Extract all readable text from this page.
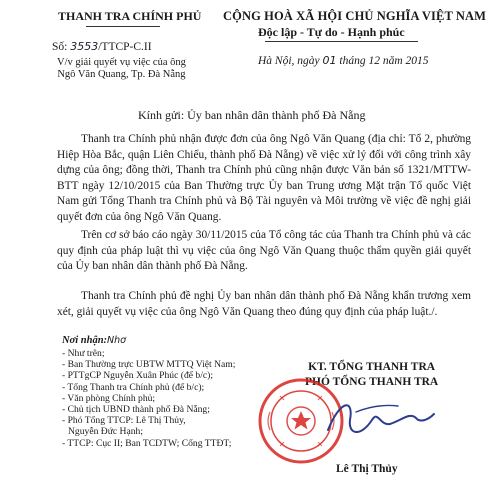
THANH TRA CHÍNH PHỦ
Số: 3553/TTCP-C.II
V/v giải quyết vụ việc của ông
Ngô Văn Quang, Tp. Đà Nẵng
CỘNG HOÀ XÃ HỘI CHỦ NGHĨA VIỆT NAM
Độc lập - Tự do - Hạnh phúc
Hà Nội, ngày 01 tháng 12 năm 2015
Kính gửi: Ủy ban nhân dân thành phố Đà Nẵng
Thanh tra Chính phủ nhận được đơn của ông Ngô Văn Quang (địa chỉ: Tổ 2, phường Hiệp Hòa Bắc, quận Liên Chiểu, thành phố Đà Nẵng) về việc xử lý đối với công trình xây dựng của ông; đồng thời, Thanh tra Chính phủ cũng nhận được Văn bản số 1321/MTTW-BTT ngày 12/10/2015 của Ban Thường trực Ủy ban Trung ương Mặt trận Tổ quốc Việt Nam gửi Tổng Thanh tra Chính phủ và Bộ Tài nguyên và Môi trường về việc đề nghị giải quyết đơn của ông Ngô Văn Quang.
Trên cơ sở báo cáo ngày 30/11/2015 của Tổ công tác của Thanh tra Chính phủ và các quy định của pháp luật thì vụ việc của ông Ngô Văn Quang thuộc thẩm quyền giải quyết của Ủy ban nhân dân thành phố Đà Nẵng.
Thanh tra Chính phủ đề nghị Ủy ban nhân dân thành phố Đà Nẵng khẩn trương xem xét, giải quyết vụ việc của ông Ngô Văn Quang theo đúng quy định của pháp luật./.
Nơi nhận:Nhơ
- Như trên;
- Ban Thường trực UBTW MTTQ Việt Nam;
- PTTgCP Nguyễn Xuân Phúc (để b/c);
- Tổng Thanh tra Chính phủ (để b/c);
- Văn phòng Chính phủ;
- Chủ tịch UBND thành phố Đà Nẵng;
- Phó Tổng TTCP: Lê Thị Thủy,
Nguyễn Đức Hạnh;
- TTCP: Cục II; Ban TCDTW; Cổng TTĐT;
KT. TỔNG THANH TRA
PHÓ TỔNG THANH TRA
Lê Thị Thủy
